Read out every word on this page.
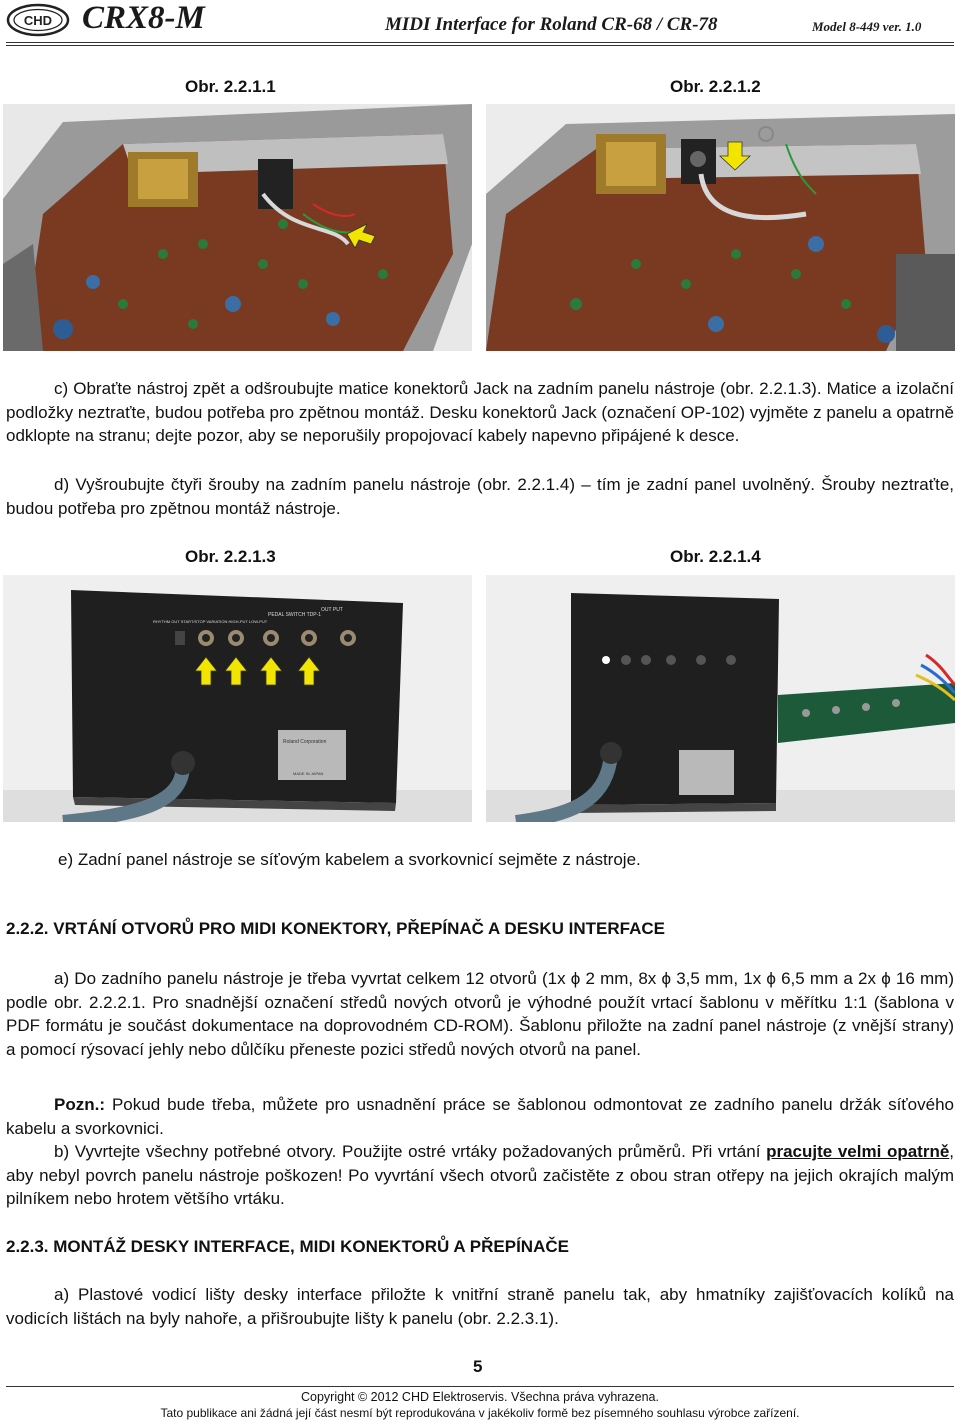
CHD CRX8-M	MIDI Interface for Roland CR-68 / CR-78	Model 8-449 ver. 1.0
Obr. 2.2.1.1	Obr. 2.2.1.2

c) Obraťte nástroj zpět a odšroubujte matice konektorů Jack na zadním panelu nástroje (obr. 2.2.1.3). Matice a izolační podložky neztraťte, budou potřeba pro zpětnou montáž. Desku konektorů Jack (označení OP-102) vyjměte z panelu a opatrně odklopte na stranu; dejte pozor, aby se neporušily propojovací kabely napevno připájené k desce.

d) Vyšroubujte čtyři šrouby na zadním panelu nástroje (obr. 2.2.1.4) – tím je zadní panel uvolněný. Šrouby neztraťte, budou potřeba pro zpětnou montáž nástroje.

Obr. 2.2.1.3	Obr. 2.2.1.4
PEDAL SWITCH TDP-1
OUT PUT
RHYTHM OUT START/STOP VARIATION HIGH-PUT LOW-PUT
Roland Corporation
MADE IN JAPAN

e) Zadní panel nástroje se síťovým kabelem a svorkovnicí sejměte z nástroje.

2.2.2. VRTÁNÍ OTVORŮ PRO MIDI KONEKTORY, PŘEPÍNAČ A DESKU INTERFACE

a) Do zadního panelu nástroje je třeba vyvrtat celkem 12 otvorů (1x ϕ 2 mm, 8x ϕ 3,5 mm, 1x ϕ 6,5 mm a 2x ϕ 16 mm) podle obr. 2.2.2.1. Pro snadnější označení středů nových otvorů je výhodné použít vrtací šablonu v měřítku 1:1 (šablona v PDF formátu je součást dokumentace na doprovodném CD-ROM). Šablonu přiložte na zadní panel nástroje (z vnější strany) a pomocí rýsovací jehly nebo důlčíku přeneste pozici středů nových otvorů na panel.

Pozn.: Pokud bude třeba, můžete pro usnadnění práce se šablonou odmontovat ze zadního panelu držák síťového kabelu a svorkovnici.

b) Vyvrtejte všechny potřebné otvory. Použijte ostré vrtáky požadovaných průměrů. Při vrtání pracujte velmi opatrně, aby nebyl povrch panelu nástroje poškozen! Po vyvrtání všech otvorů začistěte z obou stran otřepy na jejich okrajích malým pilníkem nebo hrotem většího vrtáku.

2.2.3. MONTÁŽ DESKY INTERFACE, MIDI KONEKTORŮ A PŘEPÍNAČE

a) Plastové vodicí lišty desky interface přiložte k vnitřní straně panelu tak, aby hmatníky zajišťovacích kolíků na vodicích lištách na byly nahoře, a přišroubujte lišty k panelu (obr. 2.2.3.1).

5
Copyright © 2012 CHD Elektroservis. Všechna práva vyhrazena.
Tato publikace ani žádná její část nesmí být reprodukována v jakékoliv formě bez písemného souhlasu výrobce zařízení.
